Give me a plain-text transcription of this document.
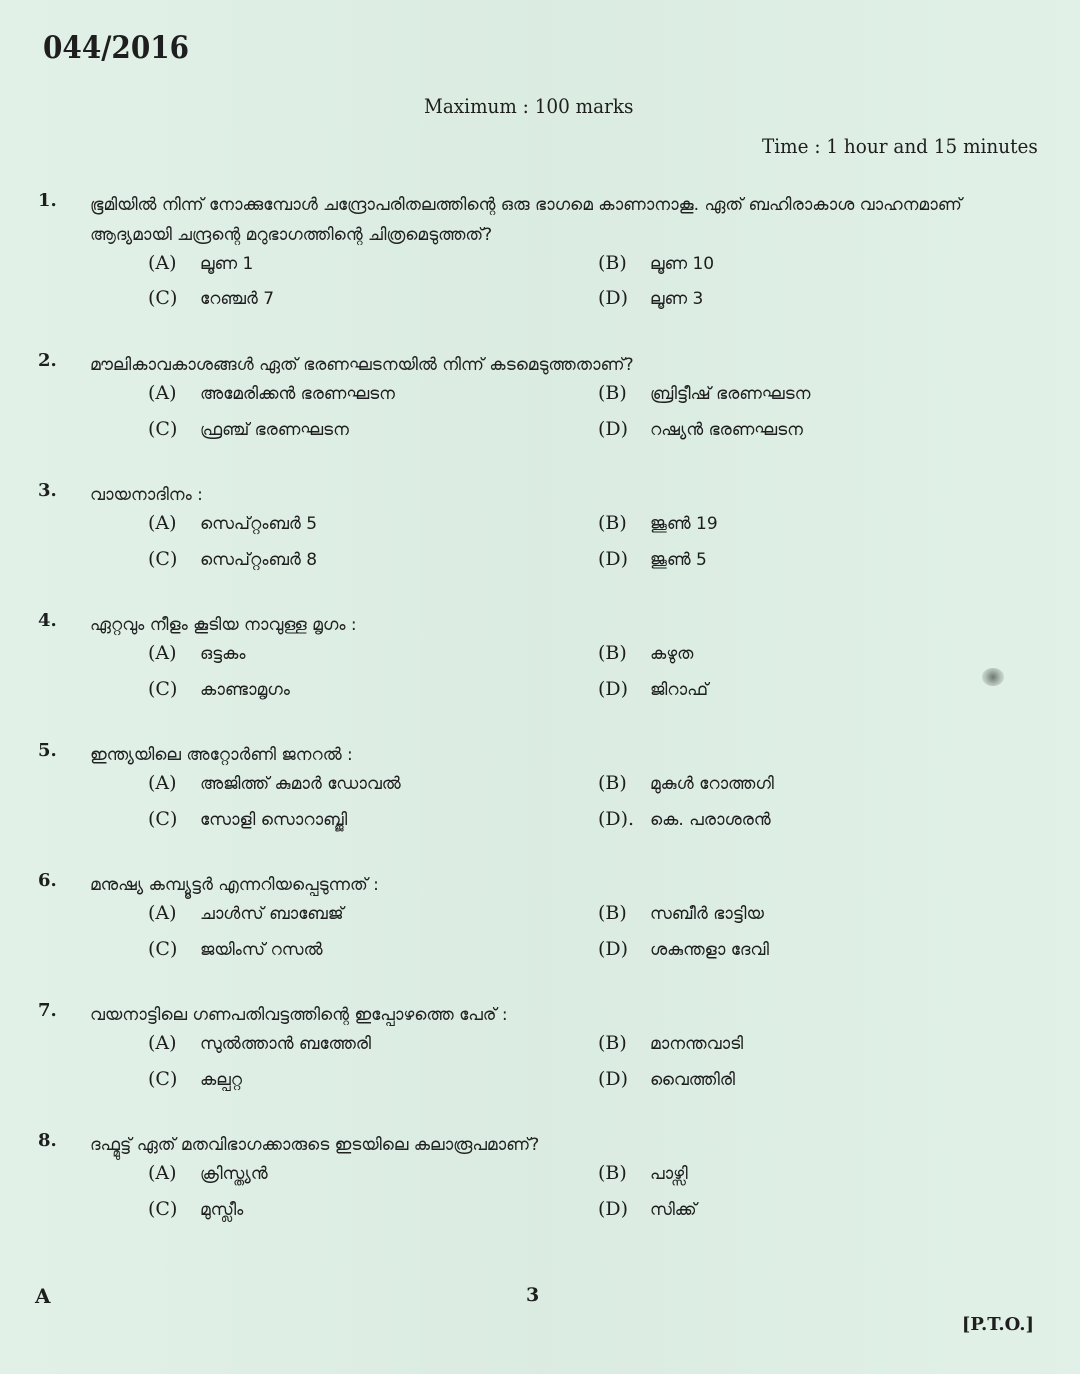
044/2016
Maximum : 100 marks
Time : 1 hour and 15 minutes
1. ഭൂമിയിൽ നിന്ന് നോക്കുമ്പോൾ ചന്ദ്രോപരിതലത്തിന്റെ ഒരു ഭാഗമെ കാണാനാകൂ. ഏത് ബഹിരാകാശ വാഹനമാണ് ആദ്യമായി ചന്ദ്രന്റെ മറുഭാഗത്തിന്റെ ചിത്രമെടുത്തത്?
(A) ലൂണ 1	(B) ലൂണ 10
(C) റേഞ്ചർ 7	(D) ലൂണ 3
2. മൗലികാവകാശങ്ങൾ ഏത് ഭരണഘടനയിൽ നിന്ന് കടമെടുത്തതാണ്?
(A) അമേരിക്കൻ ഭരണഘടന	(B) ബ്രിട്ടീഷ് ഭരണഘടന
(C) ഫ്രഞ്ച് ഭരണഘടന	(D) റഷ്യൻ ഭരണഘടന
3. വായനാദിനം :
(A) സെപ്റ്റംബർ 5	(B) ജൂൺ 19
(C) സെപ്റ്റംബർ 8	(D) ജൂൺ 5
4. ഏറ്റവും നീളം കൂടിയ നാവുള്ള മൃഗം :
(A) ഒട്ടകം	(B) കഴുത
(C) കാണ്ടാമൃഗം	(D) ജിറാഫ്
5. ഇന്ത്യയിലെ അറ്റോർണി ജനറൽ :
(A) അജിത്ത് കുമാർ ഡോവൽ	(B) മുകുൾ റോത്തഗി
(C) സോളി സൊറാബ്ജി	(D). കെ. പരാശരൻ
6. മനുഷ്യ കമ്പ്യൂട്ടർ എന്നറിയപ്പെടുന്നത് :
(A) ചാൾസ് ബാബേജ്	(B) സബീർ ഭാട്ടിയ
(C) ജയിംസ് റസൽ	(D) ശകുന്തളാ ദേവി
7. വയനാട്ടിലെ ഗണപതിവട്ടത്തിന്റെ ഇപ്പോഴത്തെ പേര് :
(A) സുൽത്താൻ ബത്തേരി	(B) മാനന്തവാടി
(C) കല്പറ്റ	(D) വൈത്തിരി
8. ദഫ്മുട്ട് ഏത് മതവിഭാഗക്കാരുടെ ഇടയിലെ കലാരൂപമാണ്?
(A) ക്രിസ്ത്യൻ	(B) പാഴ്സി
(C) മുസ്ലീം	(D) സിക്ക്
A	3
[P.T.O.]
